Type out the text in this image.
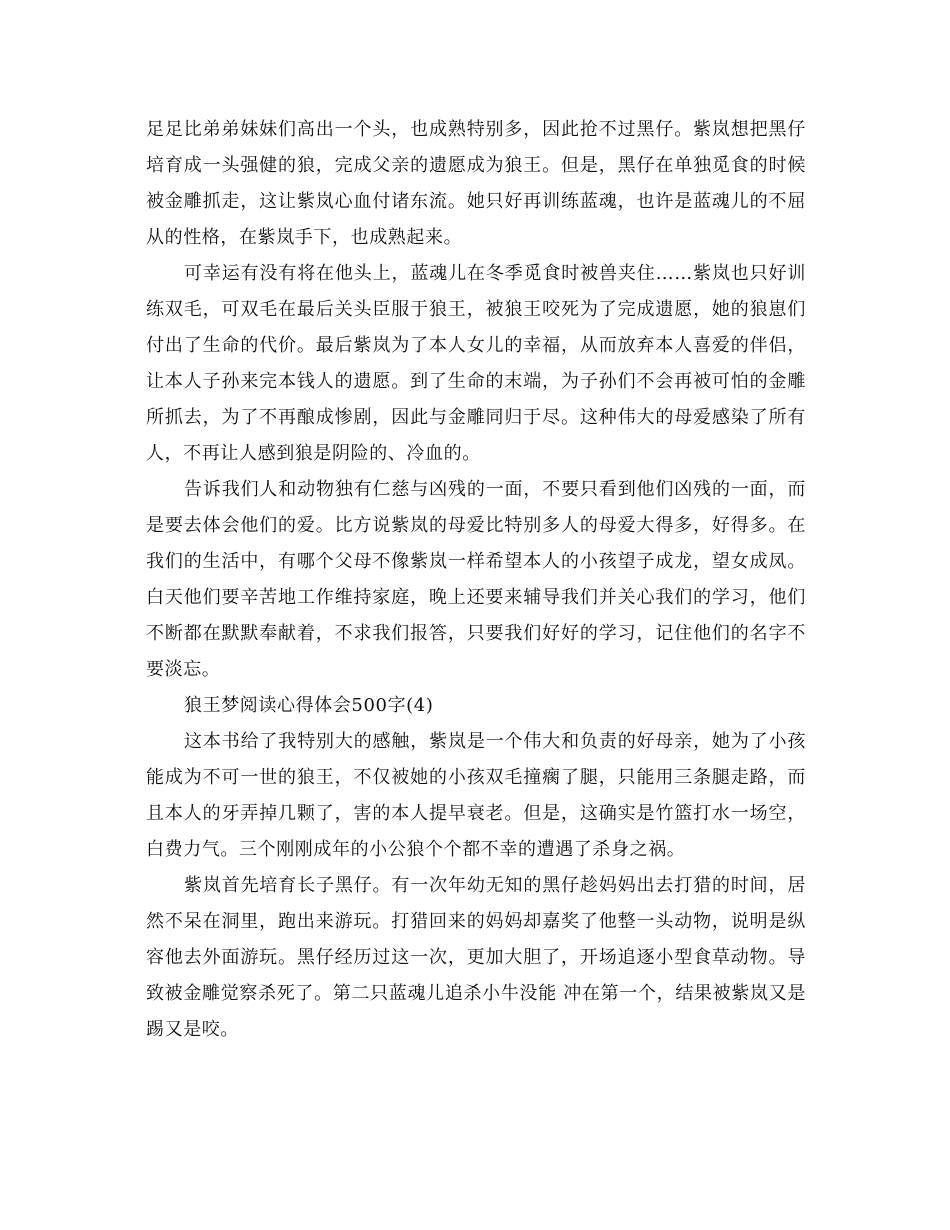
足足比弟弟妹妹们高出一个头，也成熟特别多，因此抢不过黑仔。紫岚想把黑仔培育成一头强健的狼，完成父亲的遗愿成为狼王。但是，黑仔在单独觅食的时候被金雕抓走，这让紫岚心血付诸东流。她只好再训练蓝魂，也许是蓝魂儿的不屈从的性格，在紫岚手下，也成熟起来。

可幸运有没有将在他头上，蓝魂儿在冬季觅食时被兽夹住……紫岚也只好训练双毛，可双毛在最后关头臣服于狼王，被狼王咬死为了完成遗愿，她的狼崽们付出了生命的代价。最后紫岚为了本人女儿的幸福，从而放弃本人喜爱的伴侣，让本人子孙来完本钱人的遗愿。到了生命的末端，为子孙们不会再被可怕的金雕所抓去，为了不再酿成惨剧，因此与金雕同归于尽。这种伟大的母爱感染了所有人，不再让人感到狼是阴险的、冷血的。

告诉我们人和动物独有仁慈与凶残的一面，不要只看到他们凶残的一面，而是要去体会他们的爱。比方说紫岚的母爱比特别多人的母爱大得多，好得多。在我们的生活中，有哪个父母不像紫岚一样希望本人的小孩望子成龙，望女成凤。白天他们要辛苦地工作维持家庭，晚上还要来辅导我们并关心我们的学习，他们不断都在默默奉献着，不求我们报答，只要我们好好的学习，记住他们的名字不要淡忘。

狼王梦阅读心得体会500字(4)

这本书给了我特别大的感触，紫岚是一个伟大和负责的好母亲，她为了小孩能成为不可一世的狼王，不仅被她的小孩双毛撞瘸了腿，只能用三条腿走路，而且本人的牙弄掉几颗了，害的本人提早衰老。但是，这确实是竹篮打水一场空，白费力气。三个刚刚成年的小公狼个个都不幸的遭遇了杀身之祸。

紫岚首先培育长子黑仔。有一次年幼无知的黑仔趁妈妈出去打猎的时间，居然不呆在洞里，跑出来游玩。打猎回来的妈妈却嘉奖了他整一头动物，说明是纵容他去外面游玩。黑仔经历过这一次，更加大胆了，开场追逐小型食草动物。导致被金雕觉察杀死了。第二只蓝魂儿追杀小牛没能 冲在第一个，结果被紫岚又是踢又是咬。
